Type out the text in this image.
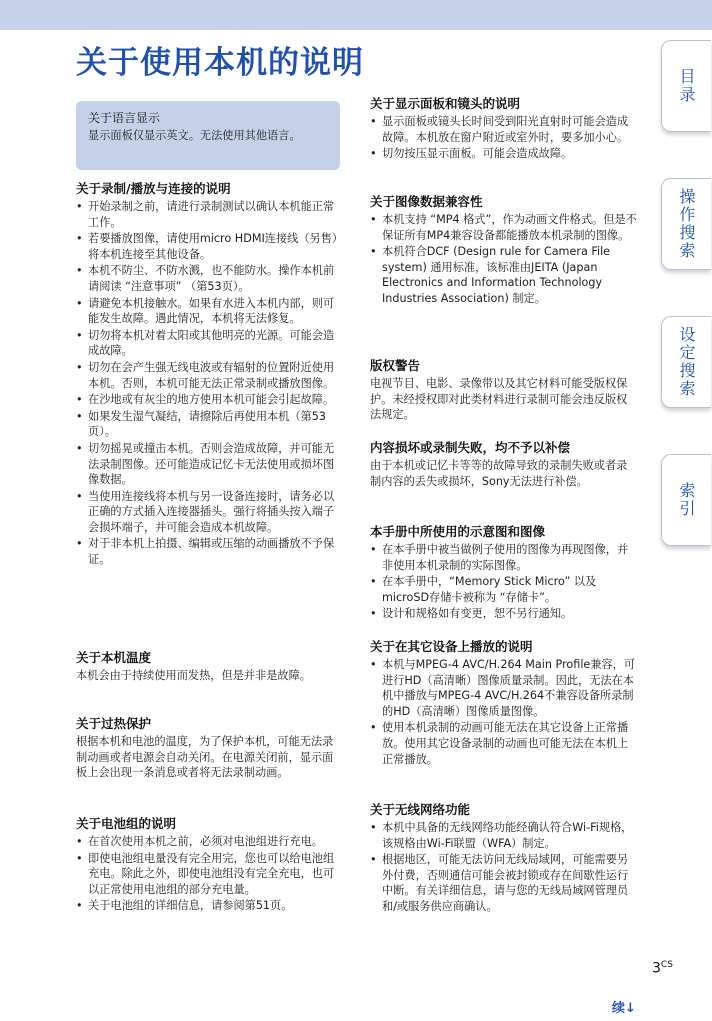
关于使用本机的说明
关于语言显示

显示面板仅显示英文。无法使用其他语言。

关于录制/播放与连接的说明
• 开始录制之前，请进行录制测试以确认本机能正常工作。
• 若要播放图像，请使用micro HDMI连接线（另售）将本机连接至其他设备。
• 本机不防尘、不防水溅，也不能防水。操作本机前请阅读 “注意事项” （第53页）。
• 请避免本机接触水。如果有水进入本机内部，则可能发生故障。遇此情况，本机将无法修复。
• 切勿将本机对着太阳或其他明亮的光源。可能会造成故障。
• 切勿在会产生强无线电波或有辐射的位置附近使用本机。否则，本机可能无法正常录制或播放图像。
• 在沙地或有灰尘的地方使用本机可能会引起故障。
• 如果发生湿气凝结，请擦除后再使用本机（第53页）。
• 切勿摇晃或撞击本机。否则会造成故障，并可能无法录制图像。还可能造成记忆卡无法使用或损坏图像数据。
• 当使用连接线将本机与另一设备连接时，请务必以正确的方式插入连接器插头。强行将插头按入端子会损坏端子，并可能会造成本机故障。
• 对于非本机上拍摄、编辑或压缩的动画播放不予保证。
关于本机温度

本机会由于持续使用而发热，但是并非是故障。

关于过热保护

根据本机和电池的温度，为了保护本机，可能无法录制动画或者电源会自动关闭。在电源关闭前，显示面板上会出现一条消息或者将无法录制动画。

关于电池组的说明
• 在首次使用本机之前，必须对电池组进行充电。
• 即使电池组电量没有完全用完，您也可以给电池组充电。除此之外，即使电池组没有完全充电，也可以正常使用电池组的部分充电量。
• 关于电池组的详细信息，请参阅第51页。
关于显示面板和镜头的说明
• 显示面板或镜头长时间受到阳光直射时可能会造成故障。本机放在窗户附近或室外时，要多加小心。
• 切勿按压显示面板。可能会造成故障。
关于图像数据兼容性
• 本机支持 “MP4 格式”，作为动画文件格式。但是不保证所有MP4兼容设备都能播放本机录制的图像。
• 本机符合DCF (Design rule for Camera File system) 通用标准，该标准由JEITA (Japan Electronics and Information Technology Industries Association) 制定。
版权警告

电视节目、电影、录像带以及其它材料可能受版权保护。未经授权即对此类材料进行录制可能会违反版权法规定。

内容损坏或录制失败，均不予以补偿

由于本机或记忆卡等等的故障导致的录制失败或者录制内容的丢失或损坏，Sony无法进行补偿。

本手册中所使用的示意图和图像
• 在本手册中被当做例子使用的图像为再现图像，并非使用本机录制的实际图像。
• 在本手册中，“Memory Stick Micro” 以及 microSD存储卡被称为 “存储卡”。
• 设计和规格如有变更，恕不另行通知。
关于在其它设备上播放的说明
• 本机与MPEG-4 AVC/H.264 Main Profile兼容，可进行HD（高清晰）图像质量录制。因此，无法在本机中播放与MPEG-4 AVC/H.264不兼容设备所录制的HD（高清晰）图像质量图像。
• 使用本机录制的动画可能无法在其它设备上正常播放。使用其它设备录制的动画也可能无法在本机上正常播放。
关于无线网络功能
• 本机中具备的无线网络功能经确认符合Wi-Fi规格，该规格由Wi-Fi联盟（WFA）制定。
• 根据地区，可能无法访问无线局域网，可能需要另外付费，否则通信可能会被封锁或存在间歇性运行中断。有关详细信息，请与您的无线局域网管理员和/或服务供应商确认。
目录
操作搜索
设定搜索
索引
$3^{CS}$
续↓
